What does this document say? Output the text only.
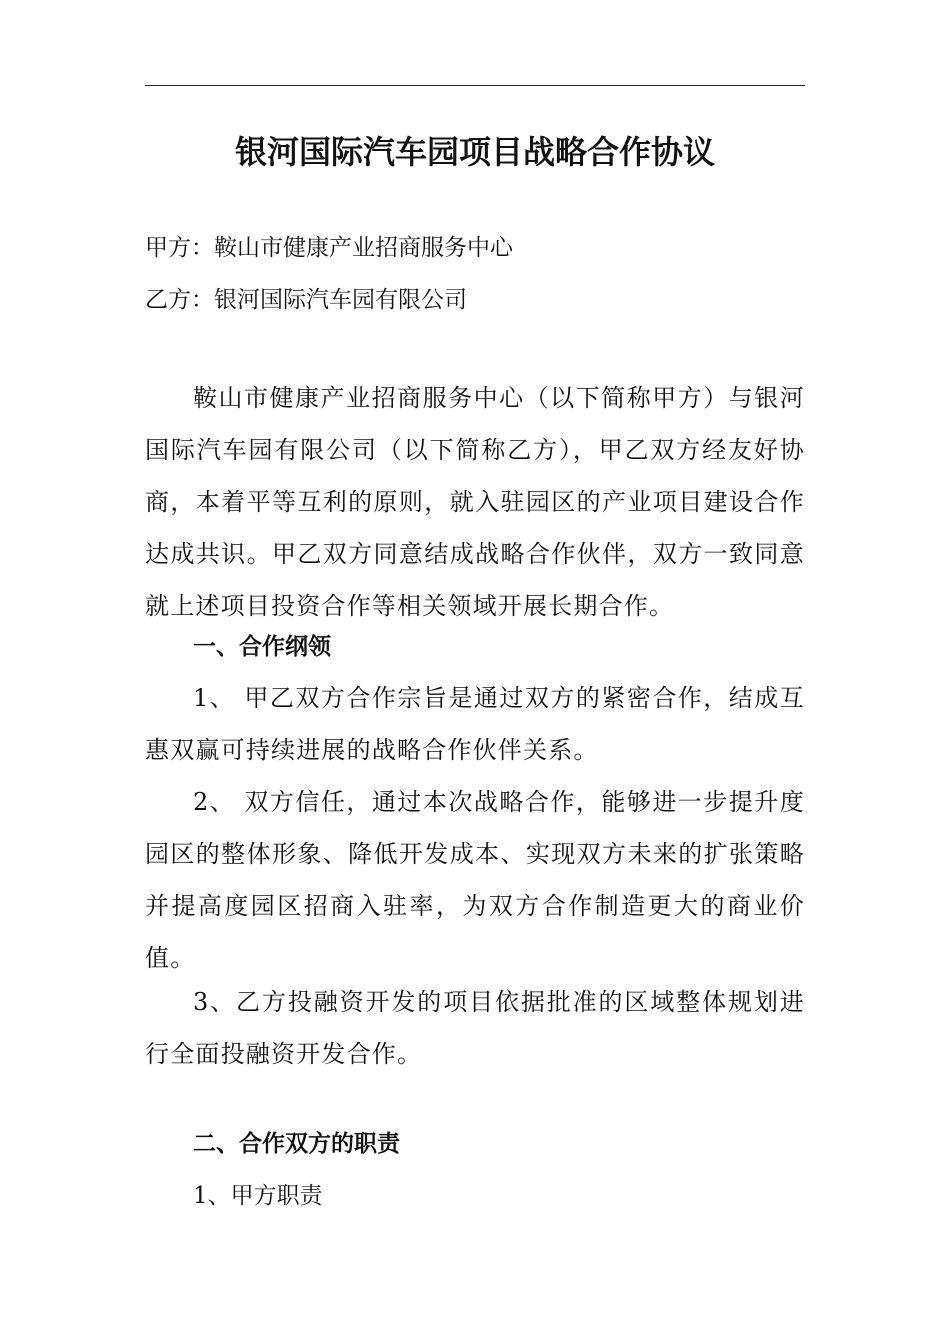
银河国际汽车园项目战略合作协议
甲方：鞍山市健康产业招商服务中心
乙方：银河国际汽车园有限公司
鞍山市健康产业招商服务中心（以下简称甲方）与银河国际汽车园有限公司（以下简称乙方），甲乙双方经友好协商，本着平等互利的原则，就入驻园区的产业项目建设合作达成共识。甲乙双方同意结成战略合作伙伴，双方一致同意就上述项目投资合作等相关领域开展长期合作。
一、合作纲领
1、 甲乙双方合作宗旨是通过双方的紧密合作，结成互惠双赢可持续进展的战略合作伙伴关系。
2、 双方信任，通过本次战略合作，能够进一步提升度园区的整体形象、降低开发成本、实现双方未来的扩张策略并提高度园区招商入驻率，为双方合作制造更大的商业价值。
3、乙方投融资开发的项目依据批准的区域整体规划进行全面投融资开发合作。
二、合作双方的职责
1、甲方职责
